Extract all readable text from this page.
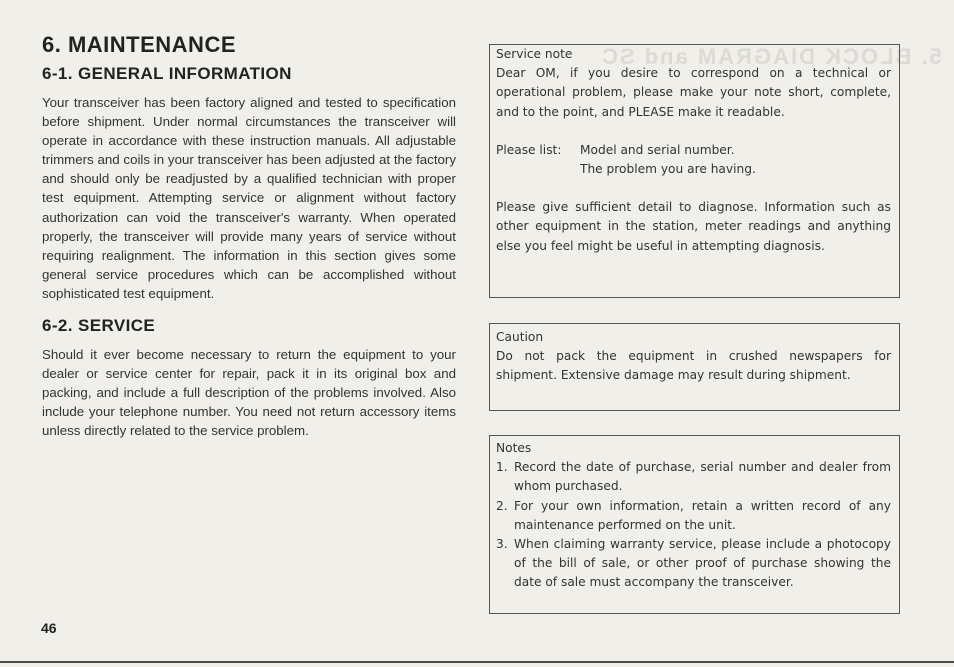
5. BLOCK DIAGRAM and SC
6. MAINTENANCE
6-1. GENERAL INFORMATION

Your transceiver has been factory aligned and tested to specification before shipment. Under normal circumstances the transceiver will operate in accordance with these instruction manuals. All adjustable trimmers and coils in your transceiver has been adjusted at the factory and should only be readjusted by a qualified technician with proper test equipment. Attempting service or alignment without factory authorization can void the transceiver's warranty. When operated properly, the transceiver will provide many years of service without requiring realignment. The information in this section gives some general service procedures which can be accomplished without sophisticated test equipment.

6-2. SERVICE

Should it ever become necessary to return the equipment to your dealer or service center for repair, pack it in its original box and packing, and include a full description of the problems involved. Also include your telephone number. You need not return accessory items unless directly related to the service problem.

Service note

Dear OM, if you desire to correspond on a technical or operational problem, please make your note short, complete, and to the point, and PLEASE make it readable.

Please list: Model and serial number.

The problem you are having.

Please give sufficient detail to diagnose. Information such as other equipment in the station, meter readings and anything else you feel might be useful in attempting diagnosis.

Caution

Do not pack the equipment in crushed newspapers for shipment. Extensive damage may result during shipment.

Notes

1. Record the date of purchase, serial number and dealer from whom purchased.
2. For your own information, retain a written record of any maintenance performed on the unit.
3. When claiming warranty service, please include a photocopy of the bill of sale, or other proof of purchase showing the date of sale must accompany the transceiver.
46
